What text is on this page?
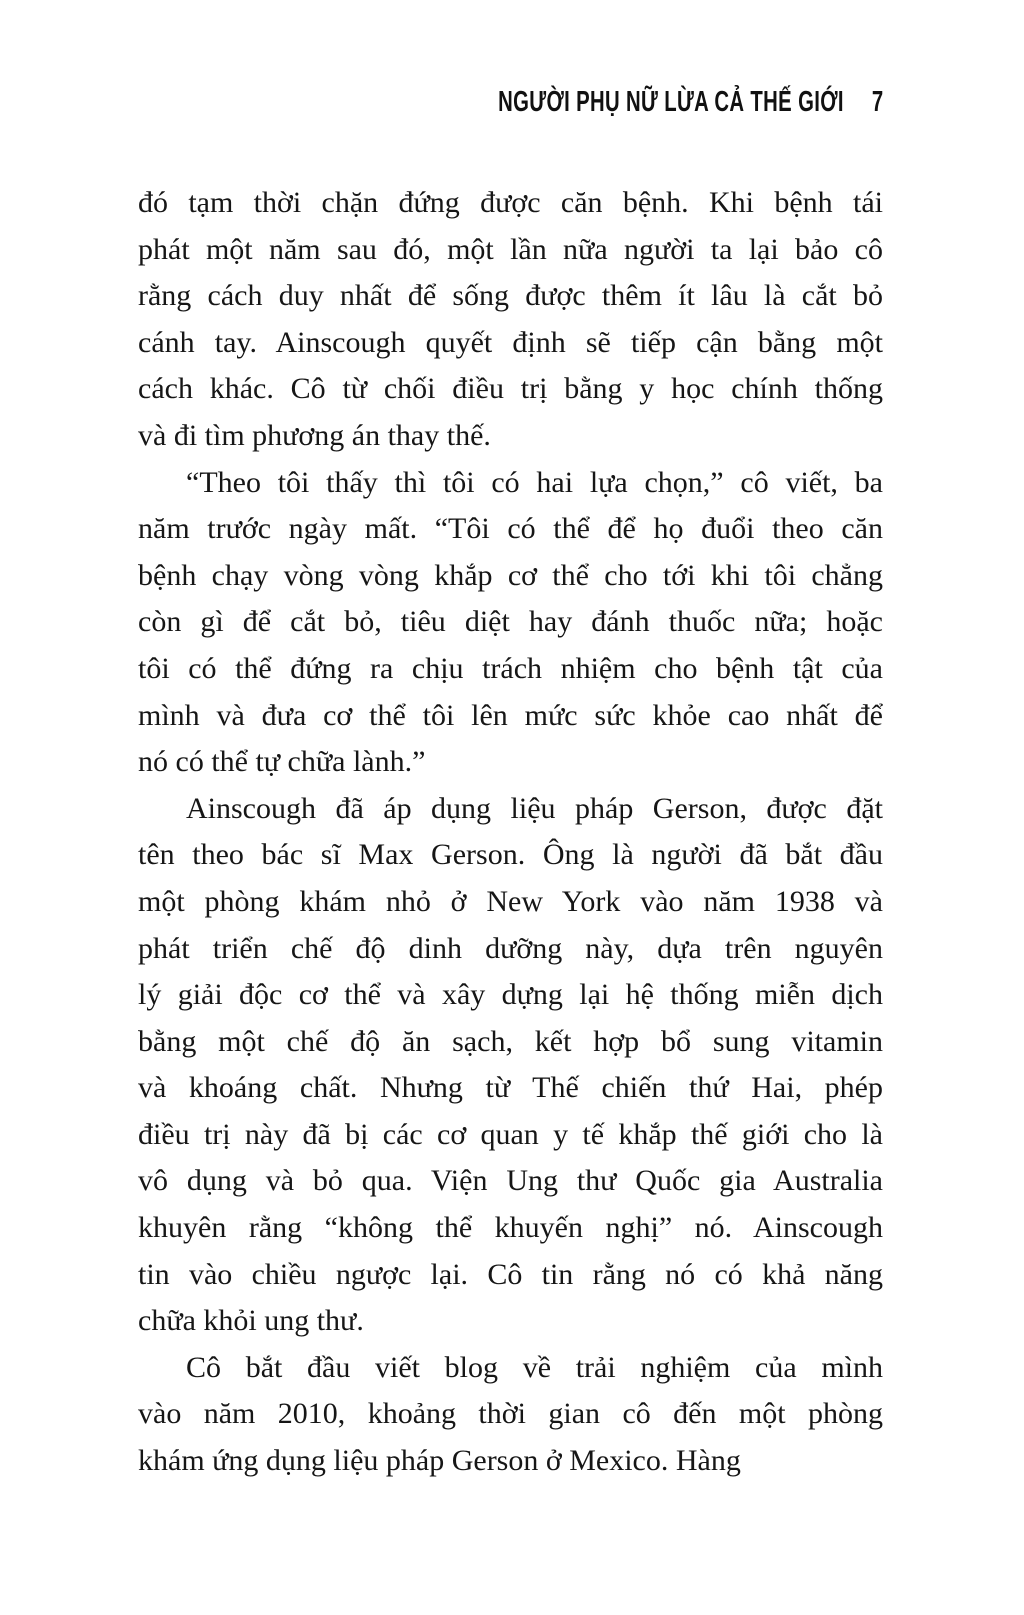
NGƯỜI PHỤ NỮ LỪA CẢ THẾ GIỚI 7
đó tạm thời chặn đứng được căn bệnh. Khi bệnh tái
phát một năm sau đó, một lần nữa người ta lại bảo cô
rằng cách duy nhất để sống được thêm ít lâu là cắt bỏ
cánh tay. Ainscough quyết định sẽ tiếp cận bằng một
cách khác. Cô từ chối điều trị bằng y học chính thống
và đi tìm phương án thay thế.
“Theo tôi thấy thì tôi có hai lựa chọn,” cô viết, ba
năm trước ngày mất. “Tôi có thể để họ đuổi theo căn
bệnh chạy vòng vòng khắp cơ thể cho tới khi tôi chẳng
còn gì để cắt bỏ, tiêu diệt hay đánh thuốc nữa; hoặc
tôi có thể đứng ra chịu trách nhiệm cho bệnh tật của
mình và đưa cơ thể tôi lên mức sức khỏe cao nhất để
nó có thể tự chữa lành.”
Ainscough đã áp dụng liệu pháp Gerson, được đặt
tên theo bác sĩ Max Gerson. Ông là người đã bắt đầu
một phòng khám nhỏ ở New York vào năm 1938 và
phát triển chế độ dinh dưỡng này, dựa trên nguyên
lý giải độc cơ thể và xây dựng lại hệ thống miễn dịch
bằng một chế độ ăn sạch, kết hợp bổ sung vitamin
và khoáng chất. Nhưng từ Thế chiến thứ Hai, phép
điều trị này đã bị các cơ quan y tế khắp thế giới cho là
vô dụng và bỏ qua. Viện Ung thư Quốc gia Australia
khuyên rằng “không thể khuyến nghị” nó. Ainscough
tin vào chiều ngược lại. Cô tin rằng nó có khả năng
chữa khỏi ung thư.
Cô bắt đầu viết blog về trải nghiệm của mình
vào năm 2010, khoảng thời gian cô đến một phòng
khám ứng dụng liệu pháp Gerson ở Mexico. Hàng
